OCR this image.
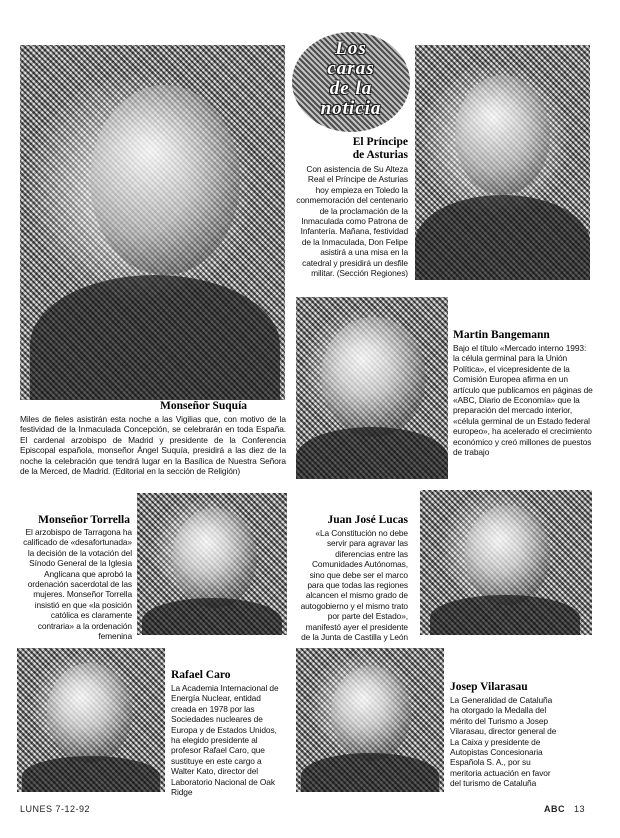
Los
caras
de la
noticia
Monseñor Suquía
Miles de fieles asistirán esta noche a las Vigilias que, con motivo de la festividad de la Inmaculada Concepción, se celebrarán en toda España. El cardenal arzobispo de Madrid y presidente de la Conferencia Episcopal española, monseñor Ángel Suquía, presidirá a las diez de la noche la celebración que tendrá lugar en la Basílica de Nuestra Señora de la Merced, de Madrid. (Editorial en la sección de Religión)
El Príncipe
de Asturias
Con asistencia de Su Alteza Real el Príncipe de Asturias hoy empieza en Toledo la conmemoración del centenario de la proclamación de la Inmaculada como Patrona de Infantería. Mañana, festividad de la Inmaculada, Don Felipe asistirá a una misa en la catedral y presidirá un desfile militar. (Sección Regiones)
Martin Bangemann
Bajo el título «Mercado interno 1993: la célula germinal para la Unión Política», el vicepresidente de la Comisión Europea afirma en un artículo que publicamos en páginas de «ABC, Diario de Economía» que la preparación del mercado interior, «célula germinal de un Estado federal europeo», ha acelerado el crecimiento económico y creó millones de puestos de trabajo
Monseñor Torrella
El arzobispo de Tarragona ha calificado de «desafortunada» la decisión de la votación del Sínodo General de la Iglesia Anglicana que aprobó la ordenación sacerdotal de las mujeres. Monseñor Torrella insistió en que «la posición católica es claramente contraria» a la ordenación femenina
Juan José Lucas
«La Constitución no debe servir para agravar las diferencias entre las Comunidades Autónomas, sino que debe ser el marco para que todas las regiones alcancen el mismo grado de autogobierno y el mismo trato por parte del Estado», manifestó ayer el presidente de la Junta de Castilla y León
Rafael Caro
La Academia Internacional de Energía Nuclear, entidad creada en 1978 por las Sociedades nucleares de Europa y de Estados Unidos, ha elegido presidente al profesor Rafael Caro, que sustituye en este cargo a Walter Kato, director del Laboratorio Nacional de Oak Ridge
Josep Vilarasau
La Generalidad de Cataluña ha otorgado la Medalla del mérito del Turismo a Josep Vilarasau, director general de La Caixa y presidente de Autopistas Concesionaria Española S. A., por su meritoria actuación en favor del turismo de Cataluña
LUNES 7-12-92	ABC 13
